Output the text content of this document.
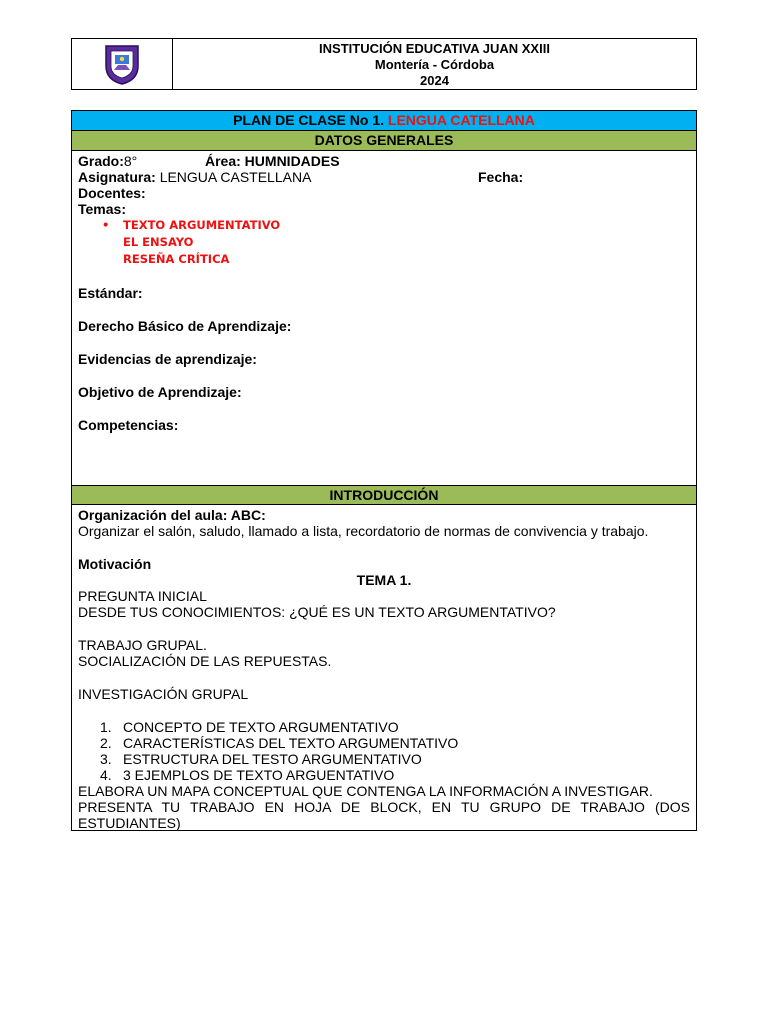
INSTITUCIÓN EDUCATIVA JUAN XXIII
Montería - Córdoba
2024
PLAN DE CLASE No 1. LENGUA CATELLANA
DATOS GENERALES
Grado:8°	Área: HUMNIDADES
Asignatura: LENGUA CASTELLANA	Fecha:
Docentes:
Temas:
• TEXTO ARGUMENTATIVO
EL ENSAYO
RESEÑA CRÍTICA
Estándar:
Derecho Básico de Aprendizaje:
Evidencias de aprendizaje:
Objetivo de Aprendizaje:
Competencias:
INTRODUCCIÓN
Organización del aula: ABC:
Organizar el salón, saludo, llamado a lista, recordatorio de normas de convivencia y trabajo.
Motivación
TEMA 1.
PREGUNTA INICIAL
DESDE TUS CONOCIMIENTOS: ¿QUÉ ES UN TEXTO ARGUMENTATIVO?
TRABAJO GRUPAL.
SOCIALIZACIÓN DE LAS REPUESTAS.
INVESTIGACIÓN GRUPAL
1. CONCEPTO DE TEXTO ARGUMENTATIVO
2. CARACTERÍSTICAS DEL TEXTO ARGUMENTATIVO
3. ESTRUCTURA DEL TESTO ARGUMENTATIVO
4. 3 EJEMPLOS DE TEXTO ARGUENTATIVO
ELABORA UN MAPA CONCEPTUAL QUE CONTENGA LA INFORMACIÓN A INVESTIGAR.
PRESENTA TU TRABAJO EN HOJA DE BLOCK, EN TU GRUPO DE TRABAJO (DOS
ESTUDIANTES)
